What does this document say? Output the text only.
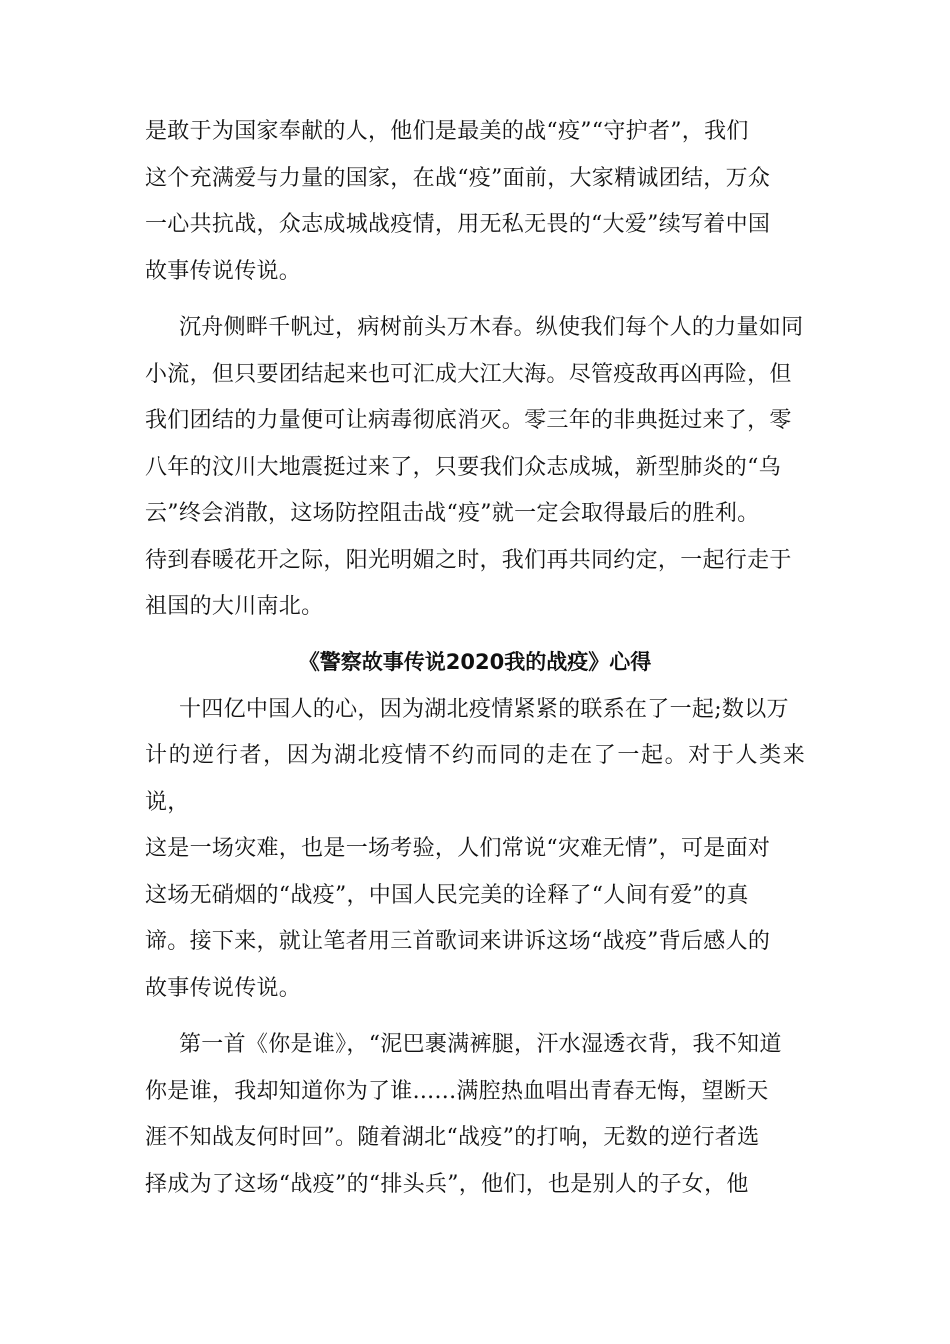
是敢于为国家奉献的人，他们是最美的战“疫”“守护者”，我们
这个充满爱与力量的国家，在战“疫”面前，大家精诚团结，万众
一心共抗战，众志成城战疫情，用无私无畏的“大爱”续写着中国
故事传说传说。

沉舟侧畔千帆过，病树前头万木春。纵使我们每个人的力量如同
小流，但只要团结起来也可汇成大江大海。尽管疫敌再凶再险，但
我们团结的力量便可让病毒彻底消灭。零三年的非典挺过来了，零
八年的汶川大地震挺过来了，只要我们众志成城，新型肺炎的“乌
云”终会消散，这场防控阻击战“疫”就一定会取得最后的胜利。
待到春暖花开之际，阳光明媚之时，我们再共同约定，一起行走于
祖国的大川南北。

《警察故事传说2020我的战疫》心得

十四亿中国人的心，因为湖北疫情紧紧的联系在了一起;数以万
计的逆行者，因为湖北疫情不约而同的走在了一起。对于人类来说，
这是一场灾难，也是一场考验，人们常说“灾难无情”，可是面对
这场无硝烟的“战疫”，中国人民完美的诠释了“人间有爱”的真
谛。接下来，就让笔者用三首歌词来讲诉这场“战疫”背后感人的
故事传说传说。

第一首《你是谁》，“泥巴裹满裤腿，汗水湿透衣背，我不知道
你是谁，我却知道你为了谁......满腔热血唱出青春无悔，望断天
涯不知战友何时回”。随着湖北“战疫”的打响，无数的逆行者选
择成为了这场“战疫”的“排头兵”，他们，也是别人的子女，他
